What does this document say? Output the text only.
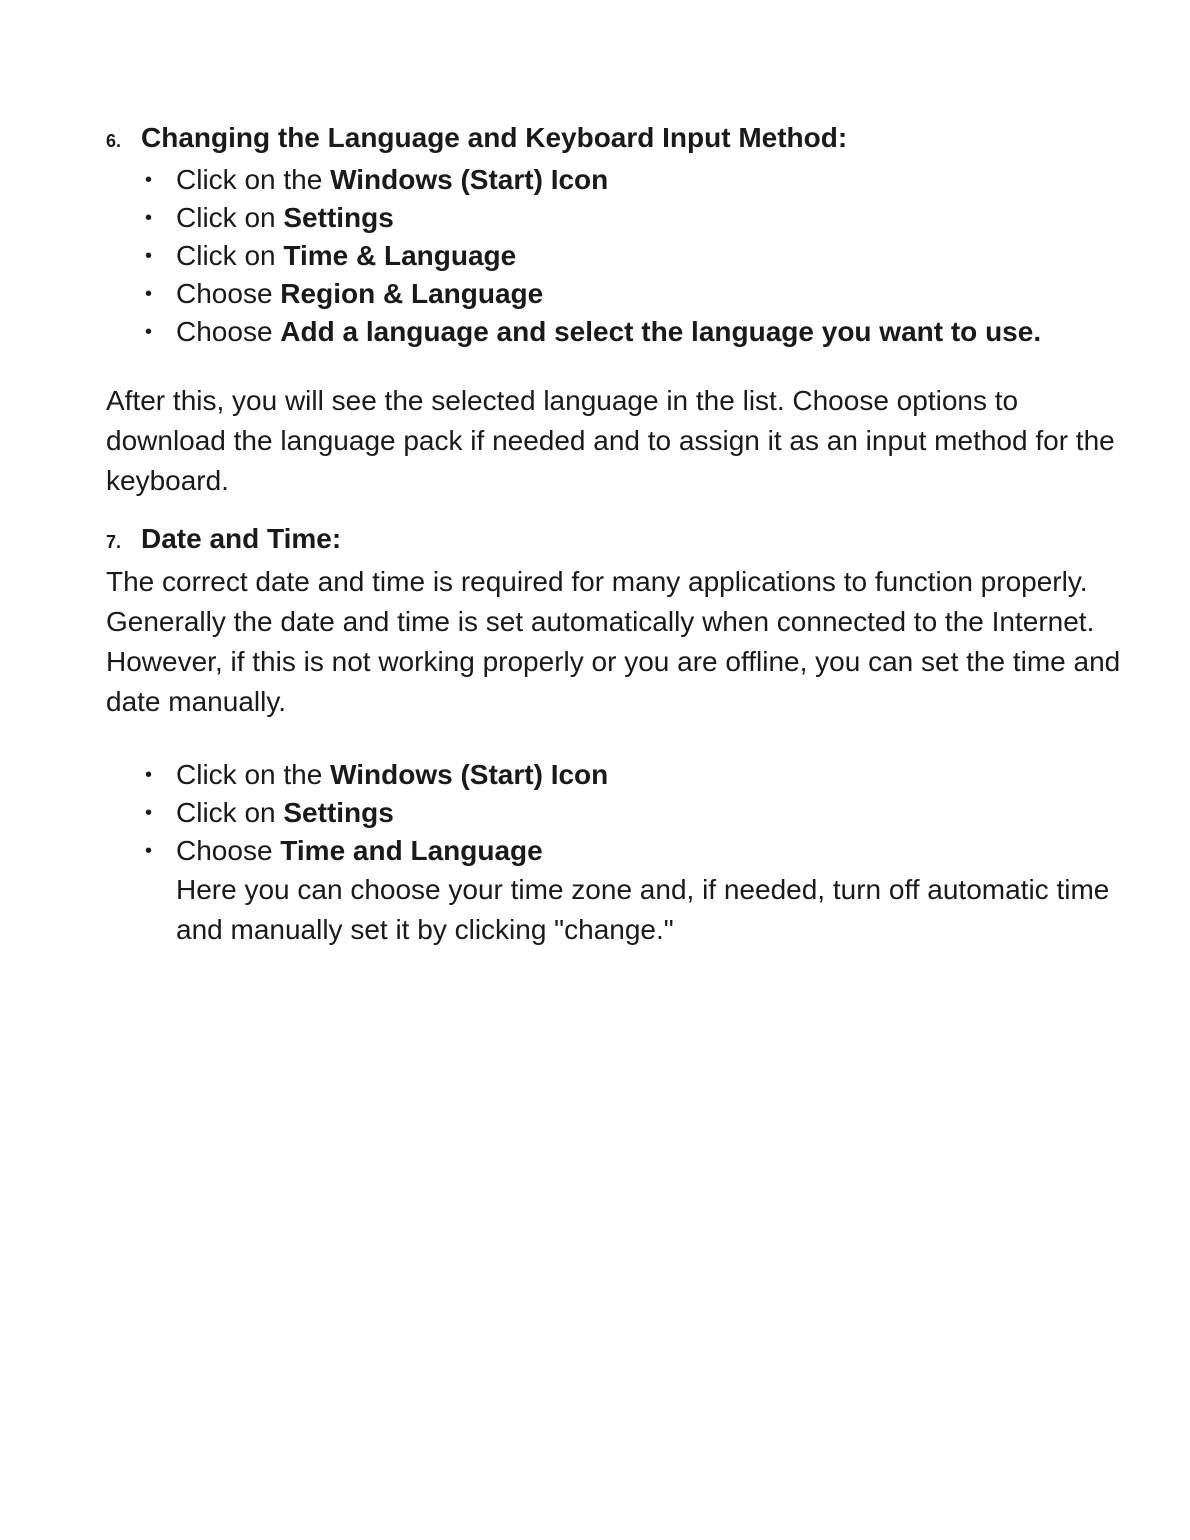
6. Changing the Language and Keyboard Input Method:
• Click on the Windows (Start) Icon
• Click on Settings
• Click on Time & Language
• Choose Region & Language
• Choose Add a language and select the language you want to use.

After this, you will see the selected language in the list. Choose options to download the language pack if needed and to assign it as an input method for the keyboard.

7. Date and Time:

The correct date and time is required for many applications to function properly. Generally the date and time is set automatically when connected to the Internet. However, if this is not working properly or you are offline, you can set the time and date manually.

• Click on the Windows (Start) Icon
• Click on Settings
• Choose Time and Language
Here you can choose your time zone and, if needed, turn off automatic time and manually set it by clicking "change."
